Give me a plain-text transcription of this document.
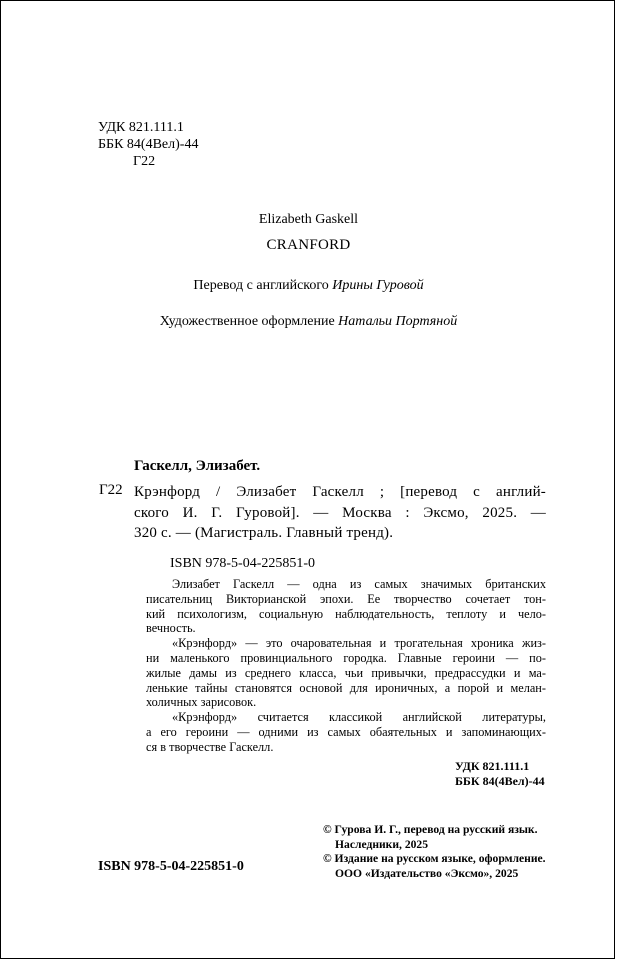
УДК 821.111.1
ББК 84(4Вел)-44
Г22
Elizabeth Gaskell
CRANFORD
Перевод с английского Ирины Гуровой
Художественное оформление Натальи Портяной
Гаскелл, Элизабет.
Г22 Крэнфорд / Элизабет Гаскелл ; [перевод с англий-
ского И. Г. Гуровой]. — Москва : Эксмо, 2025. —
320 с. — (Магистраль. Главный тренд).
ISBN 978-5-04-225851-0
Элизабет Гаскелл — одна из самых значимых британских
писательниц Викторианской эпохи. Ее творчество сочетает тон-
кий психологизм, социальную наблюдательность, теплоту и чело-
вечность.
«Крэнфорд» — это очаровательная и трогательная хроника жиз-
ни маленького провинциального городка. Главные героини — по-
жилые дамы из среднего класса, чьи привычки, предрассудки и ма-
ленькие тайны становятся основой для ироничных, а порой и мелан-
холичных зарисовок.
«Крэнфорд» считается классикой английской литературы,
а его героини — одними из самых обаятельных и запоминающих-
ся в творчестве Гаскелл.
УДК 821.111.1
ББК 84(4Вел)-44
© Гурова И. Г., перевод на русский язык.
Наследники, 2025
© Издание на русском языке, оформление.
ООО «Издательство «Эксмо», 2025
ISBN 978-5-04-225851-0
